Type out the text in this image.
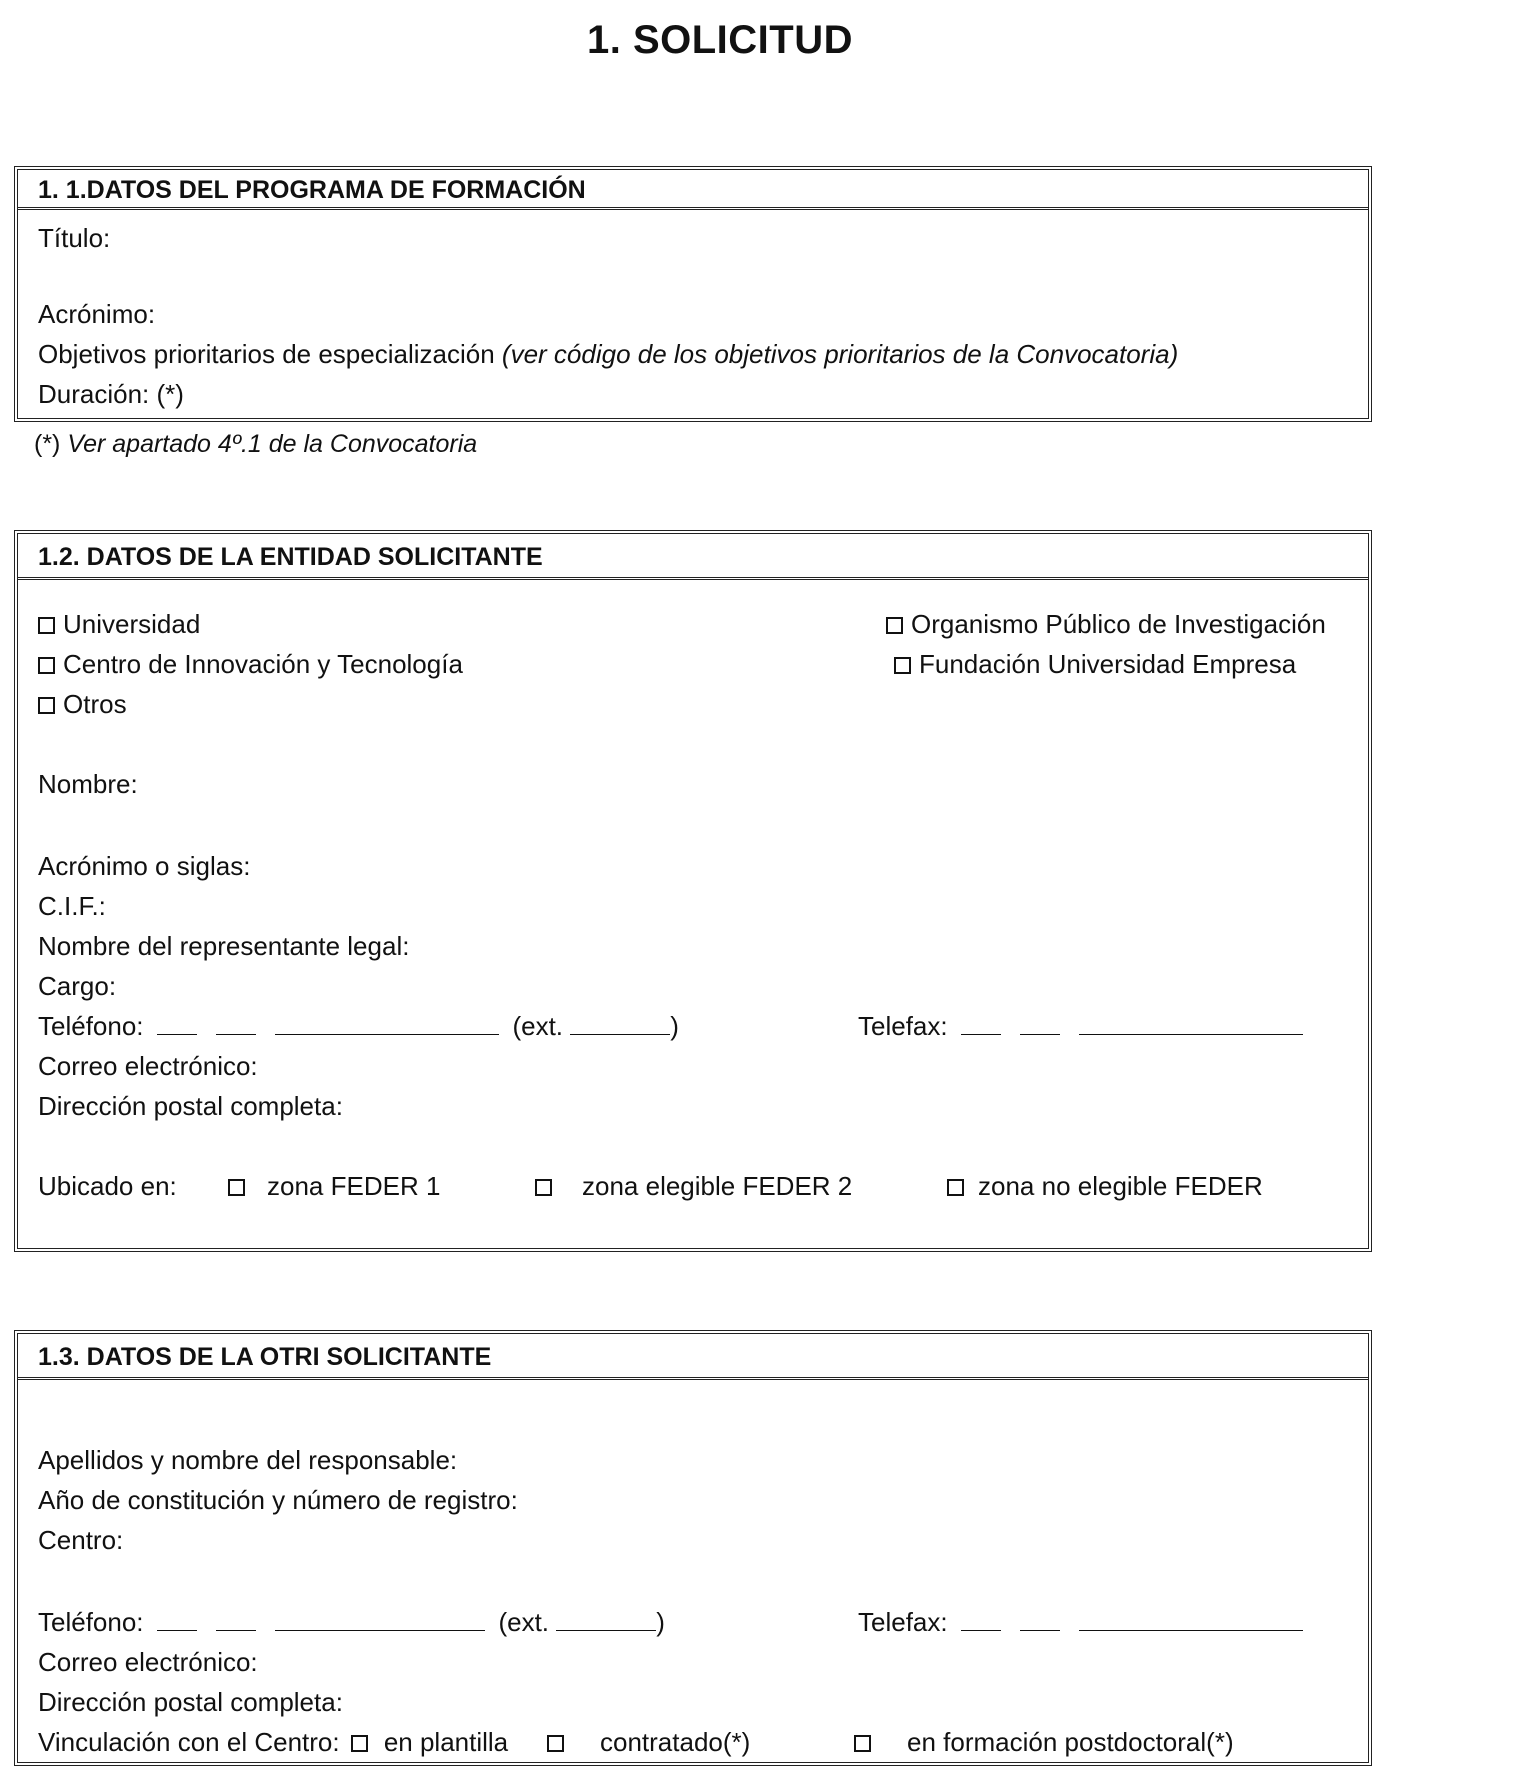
1. SOLICITUD
1. 1.DATOS DEL PROGRAMA DE FORMACIÓN
Título:
Acrónimo:
Objetivos prioritarios de especialización (ver código de los objetivos prioritarios de la Convocatoria)
Duración: (*)
(*) Ver apartado 4º.1 de la Convocatoria
1.2. DATOS DE LA ENTIDAD SOLICITANTE
Universidad	Organismo Público de Investigación
Centro de Innovación y Tecnología	Fundación Universidad Empresa
Otros
Nombre:
Acrónimo o siglas:
C.I.F.:
Nombre del representante legal:
Cargo:
Teléfono:	(ext.	)	Telefax:
Correo electrónico:
Dirección postal completa:
Ubicado en:	zona FEDER 1	zona elegible FEDER 2	zona no elegible FEDER
1.3. DATOS DE LA OTRI SOLICITANTE
Apellidos y nombre del responsable:
Año de constitución y número de registro:
Centro:
Teléfono:	(ext.	)	Telefax:
Correo electrónico:
Dirección postal completa:
Vinculación con el Centro: en plantilla	contratado(*)	en formación postdoctoral(*)
